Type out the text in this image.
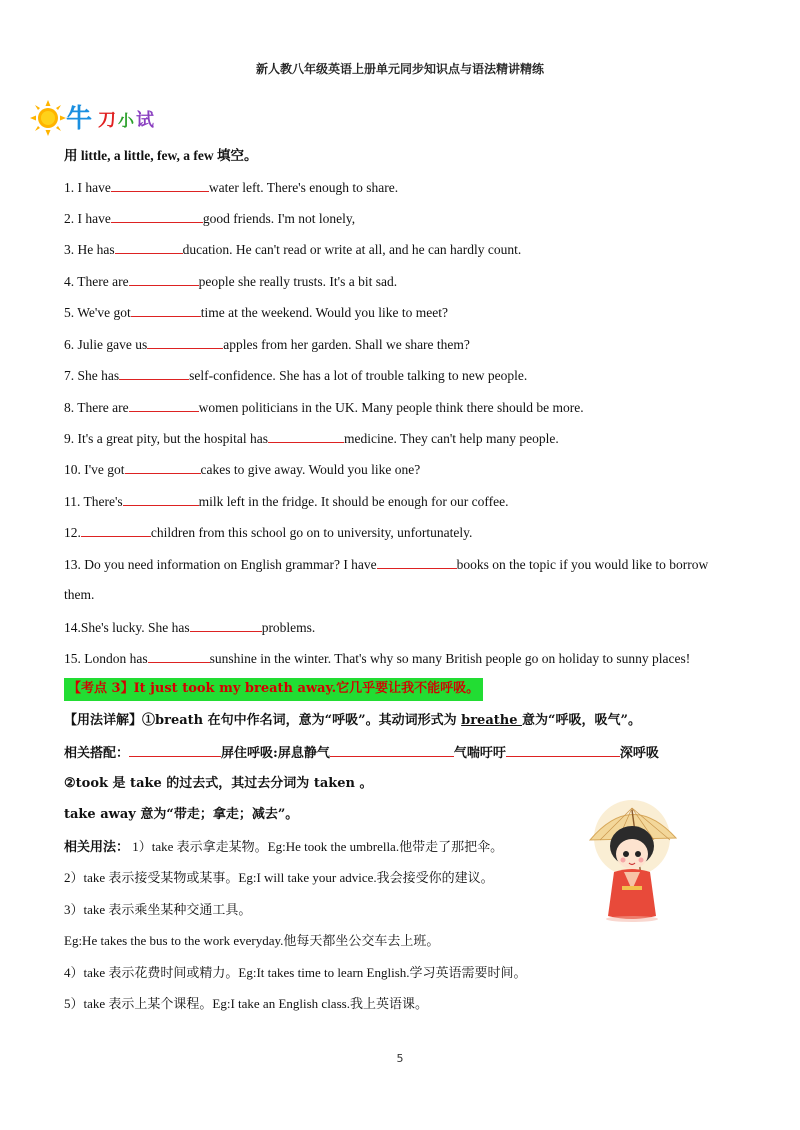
新人教八年级英语上册单元同步知识点与语法精讲精练
牛 刀 小 试
用 little, a little, few, a few 填空。
1. I have	water left. There's enough to share.
2. I have	good friends. I'm not lonely,
3. He has	ducation. He can't read or write at all, and he can hardly count.
4. There are	people she really trusts. It's a bit sad.
5. We've got	time at the weekend. Would you like to meet?
6. Julie gave us	apples from her garden. Shall we share them?
7. She has	self-confidence. She has a lot of trouble talking to new people.
8. There are	women politicians in the UK. Many people think there should be more.
9. It's a great pity, but the hospital has	medicine. They can't help many people.
10. I've got	cakes to give away. Would you like one?
11. There's	milk left in the fridge. It should be enough for our coffee.
12.	children from this school go on to university, unfortunately.
13. Do you need information on English grammar? I have	books on the topic if you would like to borrow
them.
14.She's lucky. She has	problems.
15. London has	sunshine in the winter. That's why so many British people go on holiday to sunny places!
【考点 3】It just took my breath away.它几乎要让我不能呼吸。
【用法详解】①breath 在句中作名词，意为“呼吸”。其动词形式为 breathe 意为“呼吸，吸气”。
相关搭配：	屏住呼吸:屏息静气	气喘吁吁	深呼吸
②took 是 take 的过去式，其过去分词为 taken 。
take away 意为“带走；拿走；减去”。
相关用法： 1）take 表示拿走某物。Eg:He took the umbrella.他带走了那把伞。
2）take 表示接受某物或某事。Eg:I will take your advice.我会接受你的建议。
3）take 表示乘坐某种交通工具。
Eg:He takes the bus to the work everyday.他每天都坐公交车去上班。
4）take 表示花费时间或精力。Eg:It takes time to learn English.学习英语需要时间。
5）take 表示上某个课程。Eg:I take an English class.我上英语课。
5
